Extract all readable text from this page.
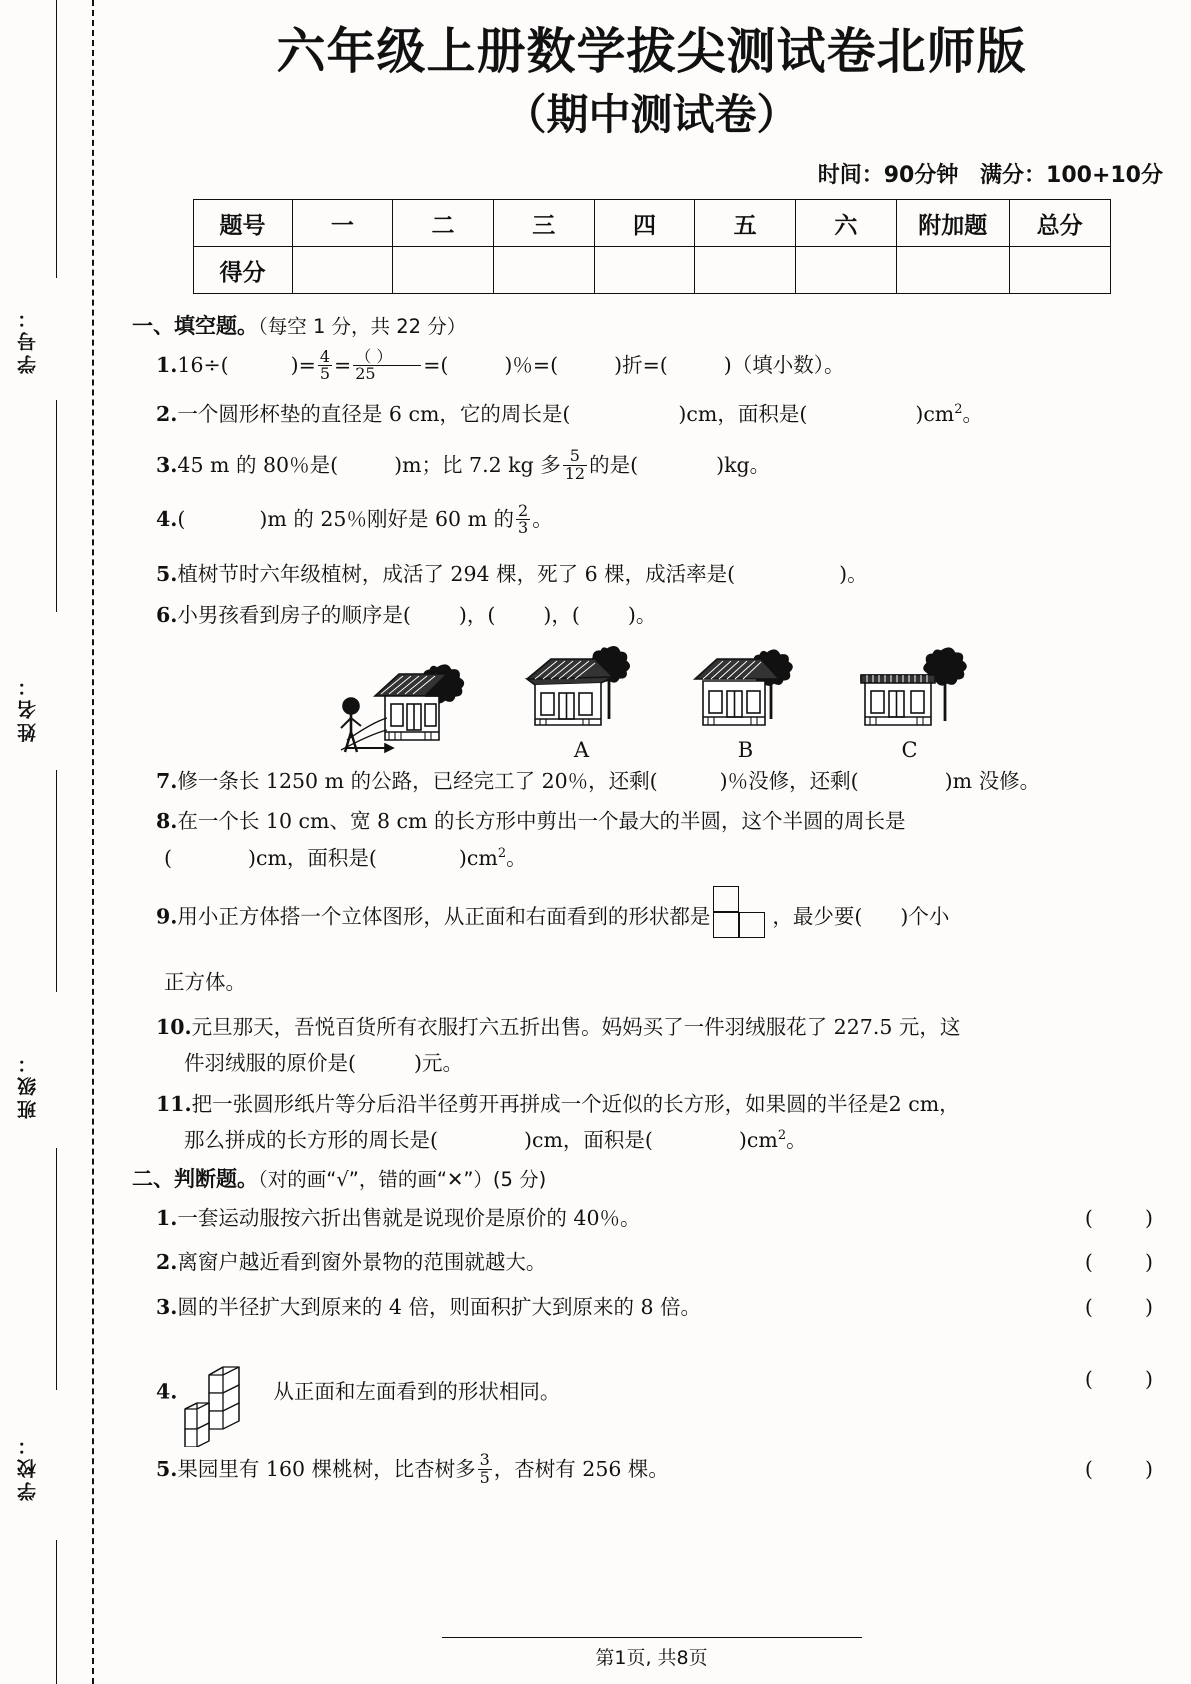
学号：
姓名：
班级：
学校：
六年级上册数学拔尖测试卷北师版
（期中测试卷）
时间：90分钟 满分：100+10分
题号	一	二	三	四	五	六	附加题	总分
得分								
一、填空题。（每空 1 分，共 22 分）
1.16÷(	)= $\frac{4}{5} = \frac{( )}{25}$ =(	)％=(	)折=(	)（填小数）。
2.一个圆形杯垫的直径是 6 cm，它的周长是(	)cm，面积是(	)$cm^2$。
3.45 m 的 80％是(	)m；比 7.2 kg 多 $\frac{5}{12}$ 的是(	)kg。
4.(	)m 的 25％刚好是 60 m 的 $\frac{2}{3}$ 。
5.植树节时六年级植树，成活了 294 棵，死了 6 棵，成活率是(	)。
6.小男孩看到房子的顺序是( )，( )，( )。
A	B	C
7.修一条长 1250 m 的公路，已经完工了 20％，还剩(	)％没修，还剩(	)m 没修。
8.在一个长 10 cm、宽 8 cm 的长方形中剪出一个最大的半圆，这个半圆的周长是
(	)cm，面积是(	)$cm^2$。
9.用小正方体搭一个立体图形，从正面和右面看到的形状都是	，最少要( )个小
正方体。
10.元旦那天，吾悦百货所有衣服打六五折出售。妈妈买了一件羽绒服花了 227.5 元，这
件羽绒服的原价是(	)元。
11.把一张圆形纸片等分后沿半径剪开再拼成一个近似的长方形，如果圆的半径是2 cm，
那么拼成的长方形的周长是(	)cm，面积是(	)$cm^2$。
二、判断题。（对的画“√”，错的画“✕”）(5 分)
1.一套运动服按六折出售就是说现价是原价的 40％。	(        )
2.离窗户越近看到窗外景物的范围就越大。	(        )
3.圆的半径扩大到原来的 4 倍，则面积扩大到原来的 8 倍。	(        )
4.	从正面和左面看到的形状相同。
(        )
5.果园里有 160 棵桃树，比杏树多 $\frac{3}{5}$ ，杏树有 256 棵。	(        )
第1页, 共8页
